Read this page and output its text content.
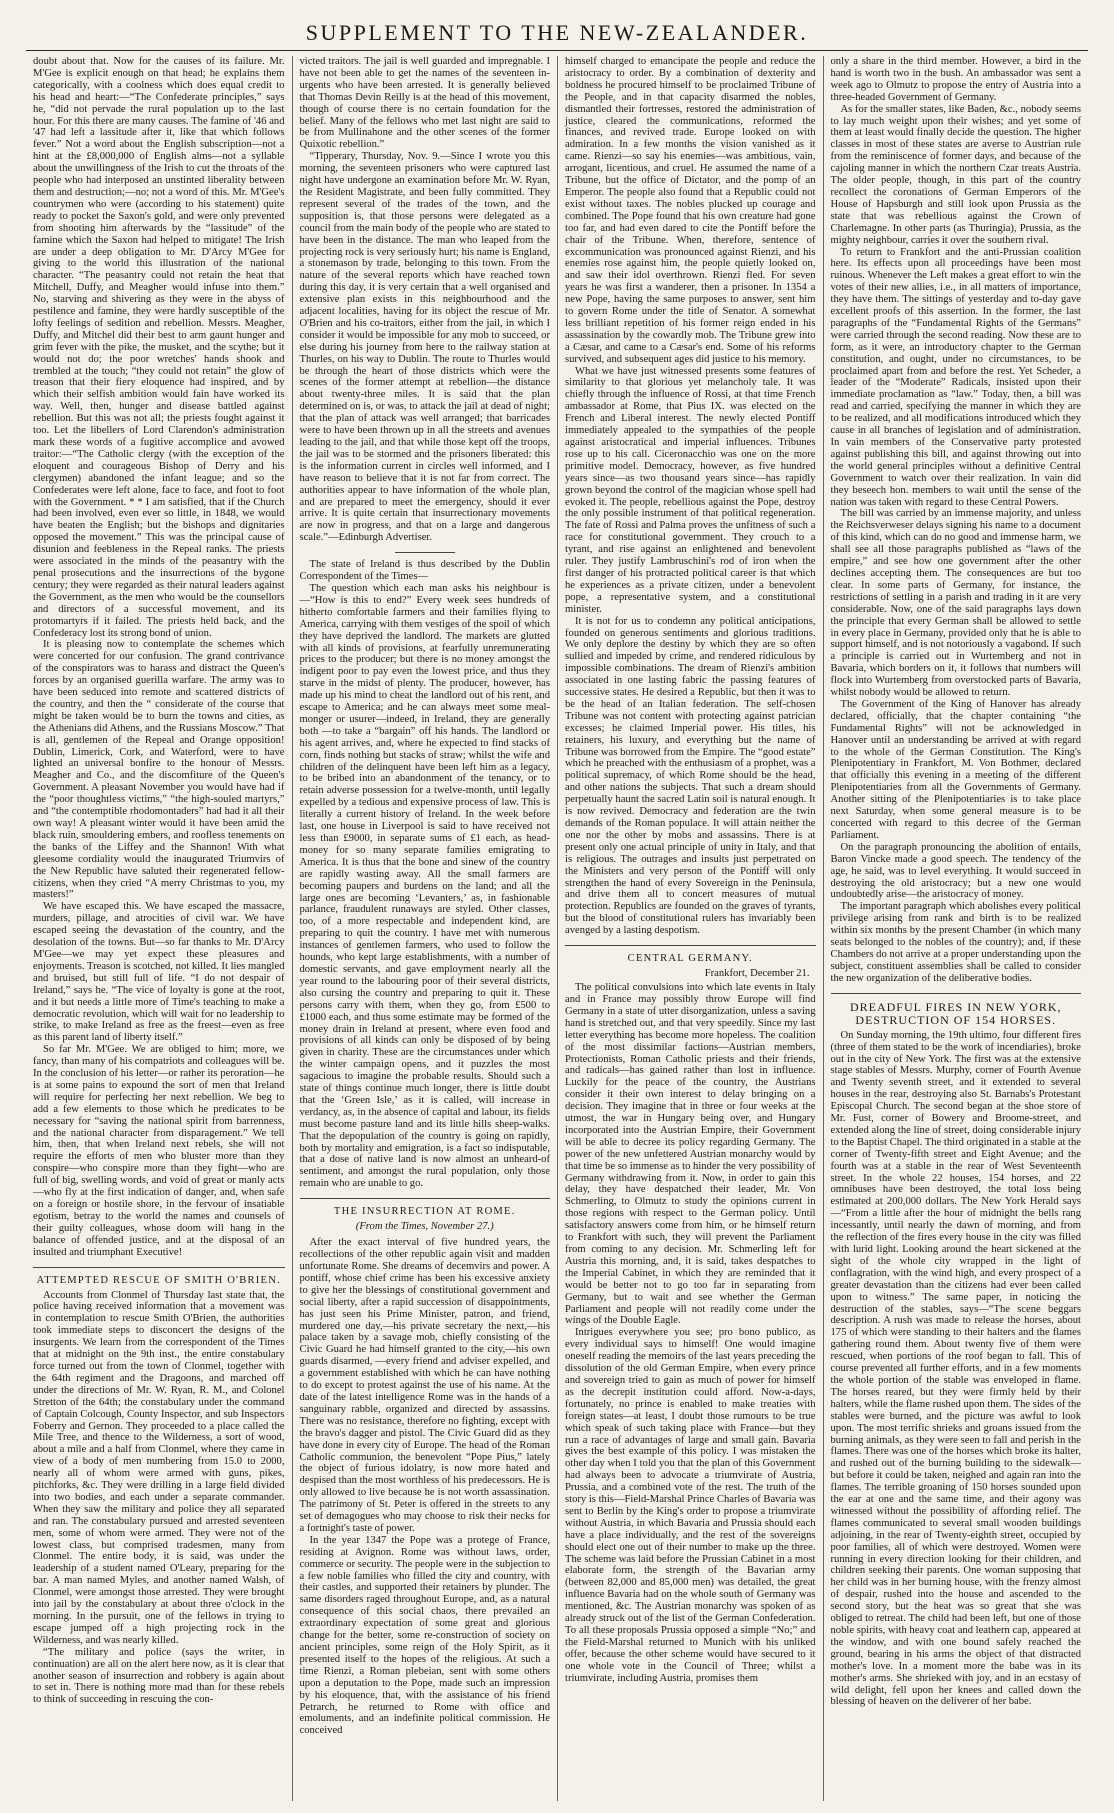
SUPPLEMENT TO THE NEW-ZEALANDER.

doubt about that. Now for the causes of its failure. Mr. M'Gee is explicit enough on that head; he explains them categorically, with a coolness which does equal credit to his head and heart:—“The Confederate principles,” says he, “did not pervade the rural population up to the last hour. For this there are many causes. The famine of '46 and '47 had left a lassitude after it, like that which follows fever.” Not a word about the English subscription—not a hint at the £8,000,000 of English alms—not a syllable about the unwillingness of the Irish to cut the throats of the people who had interposed an unstinted liberality between them and destruction;—no; not a word of this. Mr. M'Gee's countrymen who were (according to his statement) quite ready to pocket the Saxon's gold, and were only prevented from shooting him afterwards by the “lassitude” of the famine which the Saxon had helped to mitigate! The Irish are under a deep obligation to Mr. D'Arcy M'Gee for giving to the world this illustration of the national character. “The peasantry could not retain the heat that Mitchell, Duffy, and Meagher would infuse into them.” No, starving and shivering as they were in the abyss of pestilence and famine, they were hardly susceptible of the lofty feelings of sedition and rebellion. Messrs. Meagher, Duffy, and Mitchel did their best to arm gaunt hunger and grim fever with the pike, the musket, and the scythe; but it would not do; the poor wretches' hands shook and trembled at the touch; “they could not retain” the glow of treason that their fiery eloquence had inspired, and by which their selfish ambition would fain have worked its way. Well, then, hunger and disease battled against rebellion. But this was not all; the priests fought against it too. Let the libellers of Lord Clarendon's administration mark these words of a fugitive accomplice and avowed traitor:—“The Catholic clergy (with the exception of the eloquent and courageous Bishop of Derry and his clergymen) abandoned the infant league; and so the Confederates were left alone, face to face, and foot to foot with the Government. * * I am satisfied, that if the Church had been involved, even ever so little, in 1848, we would have beaten the English; but the bishops and dignitaries opposed the movement.” This was the principal cause of disunion and feebleness in the Repeal ranks. The priests were associated in the minds of the peasantry with the penal prosecutions and the insurrections of the bygone century; they were regarded as their natural leaders against the Government, as the men who would be the counsellors and directors of a successful movement, and its protomartyrs if it failed. The priests held back, and the Confederacy lost its strong bond of union.

It is pleasing now to contemplate the schemes which were concerted for our confusion. The grand contrivance of the conspirators was to harass and distract the Queen's forces by an organised guerilla warfare. The army was to have been seduced into remote and scattered districts of the country, and then the “ considerate of the course that might be taken would be to burn the towns and cities, as the Athenians did Athens, and the Russians Moscow.” That is all, gentlemen of the Repeal and Orange opposition! Dublin, Limerick, Cork, and Waterford, were to have lighted an universal bonfire to the honour of Messrs. Meagher and Co., and the discomfiture of the Queen's Government. A pleasant November you would have had if the “poor thoughtless victims,” “the high-souled martyrs,” and “the contemptible rhodomontaders” had had it all their own way! A pleasant winter would it have been amid the black ruin, smouldering embers, and roofless tenements on the banks of the Liffey and the Shannon! With what gleesome cordiality would the inaugurated Triumvirs of the New Republic have saluted their regenerated fellow-citizens, when they cried “A merry Christmas to you, my masters!”

We have escaped this. We have escaped the massacre, murders, pillage, and atrocities of civil war. We have escaped seeing the devastation of the country, and the desolation of the towns. But—so far thanks to Mr. D'Arcy M'Gee—we may yet expect these pleasures and enjoyments. Treason is scotched, not killed. It lies mangled and bruised, but still full of life. “I do not despair of Ireland,” says he. “The vice of loyalty is gone at the root, and it but needs a little more of Time's teaching to make a democratic revolution, which will wait for no leadership to strike, to make Ireland as free as the freest—even as free as this parent land of liberty itself.”

So far Mr. M'Gee. We are obliged to him; more, we fancy, than many of his compatriots and colleagues will be. In the conclusion of his letter—or rather its peroration—he is at some pains to expound the sort of men that Ireland will require for perfecting her next rebellion. We beg to add a few elements to those which he predicates to be necessary for “saving the national spirit from barrenness, and the national character from disparagement.” We tell him, then, that when Ireland next rebels, she will not require the efforts of men who bluster more than they conspire—who conspire more than they fight—who are full of big, swelling words, and void of great or manly acts—who fly at the first indication of danger, and, when safe on a foreign or hostile shore, in the fervour of insatiable egotism, betray to the world the names and counsels of their guilty colleagues, whose doom will hang in the balance of offended justice, and at the disposal of an insulted and triumphant Executive!

ATTEMPTED RESCUE OF SMITH O'BRIEN.

Accounts from Clonmel of Thursday last state that, the police having received information that a movement was in contemplation to rescue Smith O'Brien, the authorities took immediate steps to disconcert the designs of the insurgents. We learn from the correspondent of the Times that at midnight on the 9th inst., the entire constabulary force turned out from the town of Clonmel, together with the 64th regiment and the Dragoons, and marched off under the directions of Mr. W. Ryan, R. M., and Colonel Stretton of the 64th; the constabulary under the command of Captain Colcough, County Inspector, and sub Inspectors Foberry and Gernon. They proceeded to a place called the Mile Tree, and thence to the Wilderness, a sort of wood, about a mile and a half from Clonmel, where they came in view of a body of men numbering from 15.0 to 2000, nearly all of whom were armed with guns, pikes, pitchforks, &c. They were drilling in a large field divided into two bodies, and each under a separate commander. When they saw the military and police they all separated and ran. The constabulary pursued and arrested seventeen men, some of whom were armed. They were not of the lowest class, but comprised tradesmen, many from Clonmel. The entire body, it is said, was under the leadership of a student named O'Leary, preparing for the bar. A man named Myles, and another named Walsh, of Clonmel, were amongst those arrested. They were brought into jail by the constabulary at about three o'clock in the morning. In the pursuit, one of the fellows in trying to escape jumped off a high projecting rock in the Wilderness, and was nearly killed.

“The military and police (says the writer, in continuation) are all on the alert here now, as it is clear that another season of insurrection and robbery is again about to set in. There is nothing more mad than for these rebels to think of succeeding in rescuing the con-

victed traitors. The jail is well guarded and impregnable. I have not been able to get the names of the seventeen in-urgents who have been arrested. It is generally believed that Thomas Devin Reilly is at the head of this movement, though of course there is no certain foundation for the belief. Many of the fellows who met last night are said to be from Mullinahone and the other scenes of the former Quixotic rebellion.”

“Tipperary, Thursday, Nov. 9.—Since I wrote you this morning, the seventeen prisoners who were captured last night have undergone an examination before Mr. W. Ryan, the Resident Magistrate, and been fully committed. They represent several of the trades of the town, and the supposition is, that those persons were delegated as a council from the main body of the people who are stated to have been in the distance. The man who leaped from the projecting rock is very seriously hurt; his name is England, a stonemason by trade, belonging to this town. From the nature of the several reports which have reached town during this day, it is very certain that a well organised and extensive plan exists in this neighbourhood and the adjacent localities, having for its object the rescue of Mr. O'Brien and his co-traitors, either from the jail, in which I consider it would be impossible for any mob to succeed, or else during his journey from here to the railway station at Thurles, on his way to Dublin. The route to Thurles would be through the heart of those districts which were the scenes of the former attempt at rebellion—the distance about twenty-three miles. It is said that the plan determined on is, or was, to attack the jail at dead of night; that the plan of attack was well arranged; that barricades were to have been thrown up in all the streets and avenues leading to the jail, and that while those kept off the troops, the jail was to be stormed and the prisoners liberated: this is the information current in circles well informed, and I have reason to believe that it is not far from correct. The authorities appear to have information of the whole plan, and are prepared to meet the emergency, should it ever arrive. It is quite certain that insurrectionary movements are now in progress, and that on a large and dangerous scale.”—Edinburgh Advertiser.

The state of Ireland is thus described by the Dublin Correspondent of the Times—

The question which each man asks his neighbour is —“How is this to end?” Every week sees hundreds of hitherto comfortable farmers and their families flying to America, carrying with them vestiges of the spoil of which they have deprived the landlord. The markets are glutted with all kinds of provisions, at fearfully unremunerating prices to the producer; but there is no money amongst the indigent poor to pay even the lowest price, and thus they starve in the midst of plenty. The producer, however, has made up his mind to cheat the landlord out of his rent, and escape to America; and he can always meet some meal-monger or usurer—indeed, in Ireland, they are generally both —to take a “bargain” off his hands. The landlord or his agent arrives, and, where he expected to find stacks of corn, finds nothing but stacks of straw; whilst the wife and children of the delinquent have been left him as a legacy, to be bribed into an abandonment of the tenancy, or to retain adverse possession for a twelve-month, until legally expelled by a tedious and expensive process of law. This is literally a current history of Ireland. In the week before last, one house in Liverpool is said to have received not less than £9000, in separate sums of £1 each, as head-money for so many separate families emigrating to America. It is thus that the bone and sinew of the country are rapidly wasting away. All the small farmers are becoming paupers and burdens on the land; and all the large ones are becoming ‘Levanters,’ as, in fashionable parlance, fraudulent runaways are styled. Other classes, too, of a more respectable and independent kind, are preparing to quit the country. I have met with numerous instances of gentlemen farmers, who used to follow the hounds, who kept large establishments, with a number of domestic servants, and gave employment nearly all the year round to the labouring poor of their several districts, also cursing the country and preparing to quit it. These persons carry with them, when they go, from £500 to £1000 each, and thus some estimate may be formed of the money drain in Ireland at present, where even food and provisions of all kinds can only be disposed of by being given in charity. These are the circumstances under which the winter campaign opens, and it puzzles the most sagacious to imagine the probable results. Should such a state of things continue much longer, there is little doubt that the ‘Green Isle,’ as it is called, will increase in verdancy, as, in the absence of capital and labour, its fields must become pasture land and its little hills sheep-walks. That the depopulation of the country is going on rapidly, both by mortality and emigration, is a fact so indisputable, that a dose of native land is now almost an unheard-of sentiment, and amongst the rural population, only those remain who are unable to go.

THE INSURRECTION AT ROME.
(From the Times, November 27.)

After the exact interval of five hundred years, the recollections of the other republic again visit and madden unfortunate Rome. She dreams of decemvirs and power. A pontiff, whose chief crime has been his excessive anxiety to give her the blessings of constitutional government and social liberty, after a rapid succession of disappointments, has just seen his Prime Minister, patron, and friend, murdered one day,—his private secretary the next,—his palace taken by a savage mob, chiefly consisting of the Civic Guard he had himself granted to the city,—his own guards disarmed, —every friend and adviser expelled, and a government established with which he can have nothing to do except to protest against the use of his name. At the date of the latest intelligence Rome was in the hands of a sanguinary rabble, organized and directed by assassins. There was no resistance, therefore no fighting, except with the bravo's dagger and pistol. The Civic Guard did as they have done in every city of Europe. The head of the Roman Catholic communion, the benevolent “Pope Pius,” lately the object of furious idolatry, is now more hated and despised than the most worthless of his predecessors. He is only allowed to live because he is not worth assassination. The patrimony of St. Peter is offered in the streets to any set of demagogues who may choose to risk their necks for a fortnight's taste of power.

In the year 1347 the Pope was a protege of France, residing at Avignon. Rome was without laws, order, commerce or security. The people were in the subjection to a few noble families who filled the city and country, with their castles, and supported their retainers by plunder. The same disorders raged throughout Europe, and, as a natural consequence of this social chaos, there prevailed an extraordinary expectation of some great and glorious change for the better, some re-construction of society on ancient principles, some reign of the Holy Spirit, as it presented itself to the hopes of the religious. At such a time Rienzi, a Roman plebeian, sent with some others upon a deputation to the Pope, made such an impression by his eloquence, that, with the assistance of his friend Petrarch, he returned to Rome with office and emoluments, and an indefinite political commission. He conceived

himself charged to emancipate the people and reduce the aristocracy to order. By a combination of dexterity and boldness he procured himself to be proclaimed Tribune of the People, and in that capacity disarmed the nobles, dismantled their fortresses, restored the administration of justice, cleared the communications, reformed the finances, and revived trade. Europe looked on with admiration. In a few months the vision vanished as it came. Rienzi—so say his enemies—was ambitious, vain, arrogant, licentious, and cruel. He assumed the name of a Tribune, but the office of Dictator, and the pomp of an Emperor. The people also found that a Republic could not exist without taxes. The nobles plucked up courage and combined. The Pope found that his own creature had gone too far, and had even dared to cite the Pontiff before the chair of the Tribune. When, therefore, sentence of excommunication was pronounced against Rienzi, and his enemies rose against him, the people quietly looked on, and saw their idol overthrown. Rienzi fled. For seven years he was first a wanderer, then a prisoner. In 1354 a new Pope, having the same purposes to answer, sent him to govern Rome under the title of Senator. A somewhat less brilliant repetition of his former reign ended in his assassination by the cowardly mob. The Tribune grew into a Cæsar, and came to a Cæsar's end. Some of his reforms survived, and subsequent ages did justice to his memory.

What we have just witnessed presents some features of similarity to that glorious yet melancholy tale. It was chiefly through the influence of Rossi, at that time French ambassador at Rome, that Pius IX. was elected on the French and Liberal interest. The newly elected Pontiff immediately appealed to the sympathies of the people against aristocratical and imperial influences. Tribunes rose up to his call. Ciceronacchio was one on the more primitive model. Democracy, however, as five hundred years since—as two thousand years since—has rapidly grown beyond the control of the magician whose spell had evoked it. The people, rebellious against the Pope, destroy the only possible instrument of that political regeneration. The fate of Rossi and Palma proves the unfitness of such a race for constitutional government. They crouch to a tyrant, and rise against an enlightened and benevolent ruler. They justify Lambruschini's rod of iron when the first danger of his protracted political career is that which he experiences as a private citizen, under a benevolent pope, a representative system, and a constitutional minister.

It is not for us to condemn any political anticipations, founded on generous sentiments and glorious traditions. We only deplore the destiny by which they are so often sullied and impeded by crime, and rendered ridiculous by impossible combinations. The dream of Rienzi's ambition associated in one lasting fabric the passing features of successive states. He desired a Republic, but then it was to be the head of an Italian federation. The self-chosen Tribune was not content with protecting against patrician excesses; he claimed Imperial power. His titles, his retainers, his luxury, and everything but the name of Tribune was borrowed from the Empire. The “good estate” which he preached with the enthusiasm of a prophet, was a political supremacy, of which Rome should be the head, and other nations the subjects. That such a dream should perpetually haunt the sacred Latin soil is natural enough. It is now revived. Democracy and federation are the twin demands of the Roman populace. It will attain neither the one nor the other by mobs and assassins. There is at present only one actual principle of unity in Italy, and that is religious. The outrages and insults just perpetrated on the Ministers and very person of the Pontiff will only strengthen the hand of every Sovereign in the Peninsula, and drive them all to concert measures of mutual protection. Republics are founded on the graves of tyrants, but the blood of constitutional rulers has invariably been avenged by a lasting despotism.

CENTRAL GERMANY.
Frankfort, December 21.

The political convulsions into which late events in Italy and in France may possibly throw Europe will find Germany in a state of utter disorganization, unless a saving hand is stretched out, and that very speedily. Since my last letter everything has become more hopeless. The coalition of the most dissimilar factions—Austrian members, Protectionists, Roman Catholic priests and their friends, and radicals—has gained rather than lost in influence. Luckily for the peace of the country, the Austrians consider it their own interest to delay bringing on a decision. They imagine that in three or four weeks at the utmost, the war in Hungary being over, and Hungary incorporated into the Austrian Empire, their Government will be able to decree its policy regarding Germany. The power of the new unfettered Austrian monarchy would by that time be so immense as to hinder the very possibility of Germany withdrawing from it. Now, in order to gain this delay, they have despatched their leader, Mr. Von Schmerling, to Olmutz to study the opinions current in those regions with respect to the German policy. Until satisfactory answers come from him, or he himself return to Frankfort with such, they will prevent the Parliament from coming to any decision. Mr. Schmerling left for Austria this morning, and, it is said, takes despatches to the Imperial Cabinet, in which they are reminded that it would be better not to go too far in separating from Germany, but to wait and see whether the German Parliament and people will not readily come under the wings of the Double Eagle.

Intrigues everywhere you see; pro bono publico, as every individual says to himself! One would imagine oneself reading the memoirs of the last years preceding the dissolution of the old German Empire, when every prince and sovereign tried to gain as much of power for himself as the decrepit institution could afford. Now-a-days, fortunately, no prince is enabled to make treaties with foreign states—at least, I doubt those rumours to be true which speak of such taking place with France—but they run a race of advantages of large and small gain. Bavaria gives the best example of this policy. I was mistaken the other day when I told you that the plan of this Government had always been to advocate a triumvirate of Austria, Prussia, and a combined vote of the rest. The truth of the story is this—Field-Marshal Prince Charles of Bavaria was sent to Berlin by the King's order to propose a triumvirate without Austria, in which Bavaria and Prussia should each have a place individually, and the rest of the sovereigns should elect one out of their number to make up the three. The scheme was laid before the Prussian Cabinet in a most elaborate form, the strength of the Bavarian army (between 82,000 and 85,000 men) was detailed, the great influence Bavaria had on the whole south of Germany was mentioned, &c. The Austrian monarchy was spoken of as already struck out of the list of the German Confederation. To all these proposals Prussia opposed a simple “No;” and the Field-Marshal returned to Munich with his unliked offer, because the other scheme would have secured to it one whole vote in the Council of Three; whilst a triumvirate, including Austria, promises them

only a share in the third member. However, a bird in the hand is worth two in the bush. An ambassador was sent a week ago to Olmutz to propose the entry of Austria into a three-headed Government of Germany.

As for the smaller states, like Baden, &c., nobody seems to lay much weight upon their wishes; and yet some of them at least would finally decide the question. The higher classes in most of these states are averse to Austrian rule from the reminiscence of former days, and because of the cajoling manner in which the northern Czar treats Austria. The older people, though, in this part of the country recollect the coronations of German Emperors of the House of Hapsburgh and still look upon Prussia as the state that was rebellious against the Crown of Charlemagne. In other parts (as Thuringia), Prussia, as the mighty neighbour, carries it over the southern rival.

To return to Frankfort and the anti-Prussian coalition here. Its effects upon all proceedings have been most ruinous. Whenever the Left makes a great effort to win the votes of their new allies, i.e., in all matters of importance, they have them. The sittings of yesterday and to-day gave excellent proofs of this assertion. In the former, the last paragraphs of the “Fundamental Rights of the Germans” were carried through the second reading. Now these are to form, as it were, an introductory chapter to the German constitution, and ought, under no circumstances, to be proclaimed apart from and before the rest. Yet Scheder, a leader of the “Moderate” Radicals, insisted upon their immediate proclamation as “law.” Today, then, a bill was read and carried, specifying the manner in which they are to be realized, and all modifications introduced which they cause in all branches of legislation and of administration. In vain members of the Conservative party protested against publishing this bill, and against throwing out into the world general principles without a definitive Central Government to watch over their realization. In vain did they beseech hon. members to wait until the sense of the nation was taken with regard to these Central Powers.

The bill was carried by an immense majority, and unless the Reichsverweser delays signing his name to a document of this kind, which can do no good and immense harm, we shall see all those paragraphs published as “laws of the empire,” and see how one government after the other declines accepting them. The consequences are but too clear. In some parts of Germany, for instance, the restrictions of settling in a parish and trading in it are very considerable. Now, one of the said paragraphs lays down the principle that every German shall be allowed to settle in every place in Germany, provided only that he is able to support himself, and is not notoriously a vagabond. If such a principle is carried out in Wurtemberg and not in Bavaria, which borders on it, it follows that numbers will flock into Wurtemberg from overstocked parts of Bavaria, whilst nobody would be allowed to return.

The Government of the King of Hanover has already declared, officially, that the chapter containing “the Fundamental Rights” will not be acknowledged in Hanover until an understanding be arrived at with regard to the whole of the German Constitution. The King's Plenipotentiary in Frankfort, M. Von Bothmer, declared that officially this evening in a meeting of the different Plenipotentiaries from all the Governments of Germany. Another sitting of the Plenipotentiaries is to take place next Saturday, when some general measure is to be concerted with regard to this decree of the German Parliament.

On the paragraph pronouncing the abolition of entails, Baron Vincke made a good speech. The tendency of the age, he said, was to level everything. It would succeed in destroying the old aristocracy; but a new one would undoubtedly arise—the aristocracy of money.

The important paragraph which abolishes every political privilege arising from rank and birth is to be realized within six months by the present Chamber (in which many seats belonged to the nobles of the country); and, if these Chambers do not arrive at a proper understanding upon the subject, constituent assemblies shall be called to consider the new organization of the deliberative bodies.

DREADFUL FIRES IN NEW YORK, DESTRUCTION OF 154 HORSES.

On Sunday morning, the 19th ultimo, four different fires (three of them stated to be the work of incendiaries), broke out in the city of New York. The first was at the extensive stage stables of Messrs. Murphy, corner of Fourth Avenue and Twenty seventh street, and it extended to several houses in the rear, destroying also St. Barnabs's Protestant Episcopal Church. The second began at the shoe store of Mr. Fust, corner of Bowery and Broome-street, and extended along the line of street, doing considerable injury to the Baptist Chapel. The third originated in a stable at the corner of Twenty-fifth street and Eight Avenue; and the fourth was at a stable in the rear of West Seventeenth street. In the whole 22 houses, 154 horses, and 22 omnibuses have been destroyed, the total loss being estimated at 200,000 dollars. The New York Herald says—“From a little after the hour of midnight the bells rang incessantly, until nearly the dawn of morning, and from the reflection of the fires every house in the city was filled with lurid light. Looking around the heart sickened at the sight of the whole city wrapped in the light of conflagration, with the wind high, and every prospect of a greater devastation than the citizens had ever been called upon to witness.” The same paper, in noticing the destruction of the stables, says—“The scene beggars description. A rush was made to release the horses, about 175 of which were standing to their halters and the flames gathering round them. About twenty five of them were rescued, when portions of the roof began to fall. This of course prevented all further efforts, and in a few moments the whole portion of the stable was enveloped in flame. The horses reared, but they were firmly held by their halters, while the flame rushed upon them. The sides of the stables were burned, and the picture was awful to look upon. The most terrific shrieks and groans issued from the burning animals, as they were seen to fall and perish in the flames. There was one of the horses which broke its halter, and rushed out of the burning building to the sidewalk—but before it could be taken, neighed and again ran into the flames. The terrible groaning of 150 horses sounded upon the ear at one and the same time, and their agony was witnessed without the possibility of affording relief. The flames communicated to several small wooden buildings adjoining, in the rear of Twenty-eighth street, occupied by poor families, all of which were destroyed. Women were running in every direction looking for their children, and children seeking their parents. One woman supposing that her child was in her burning house, with the frenzy almost of despair, rushed into the house and ascended to the second story, but the heat was so great that she was obliged to retreat. The child had been left, but one of those noble spirits, with heavy coat and leathern cap, appeared at the window, and with one bound safely reached the ground, bearing in his arms the object of that distracted mother's love. In a moment more the babe was in its mother's arms. She shrieked with joy, and in an ecstasy of wild delight, fell upon her knees and called down the blessing of heaven on the deliverer of her babe.
